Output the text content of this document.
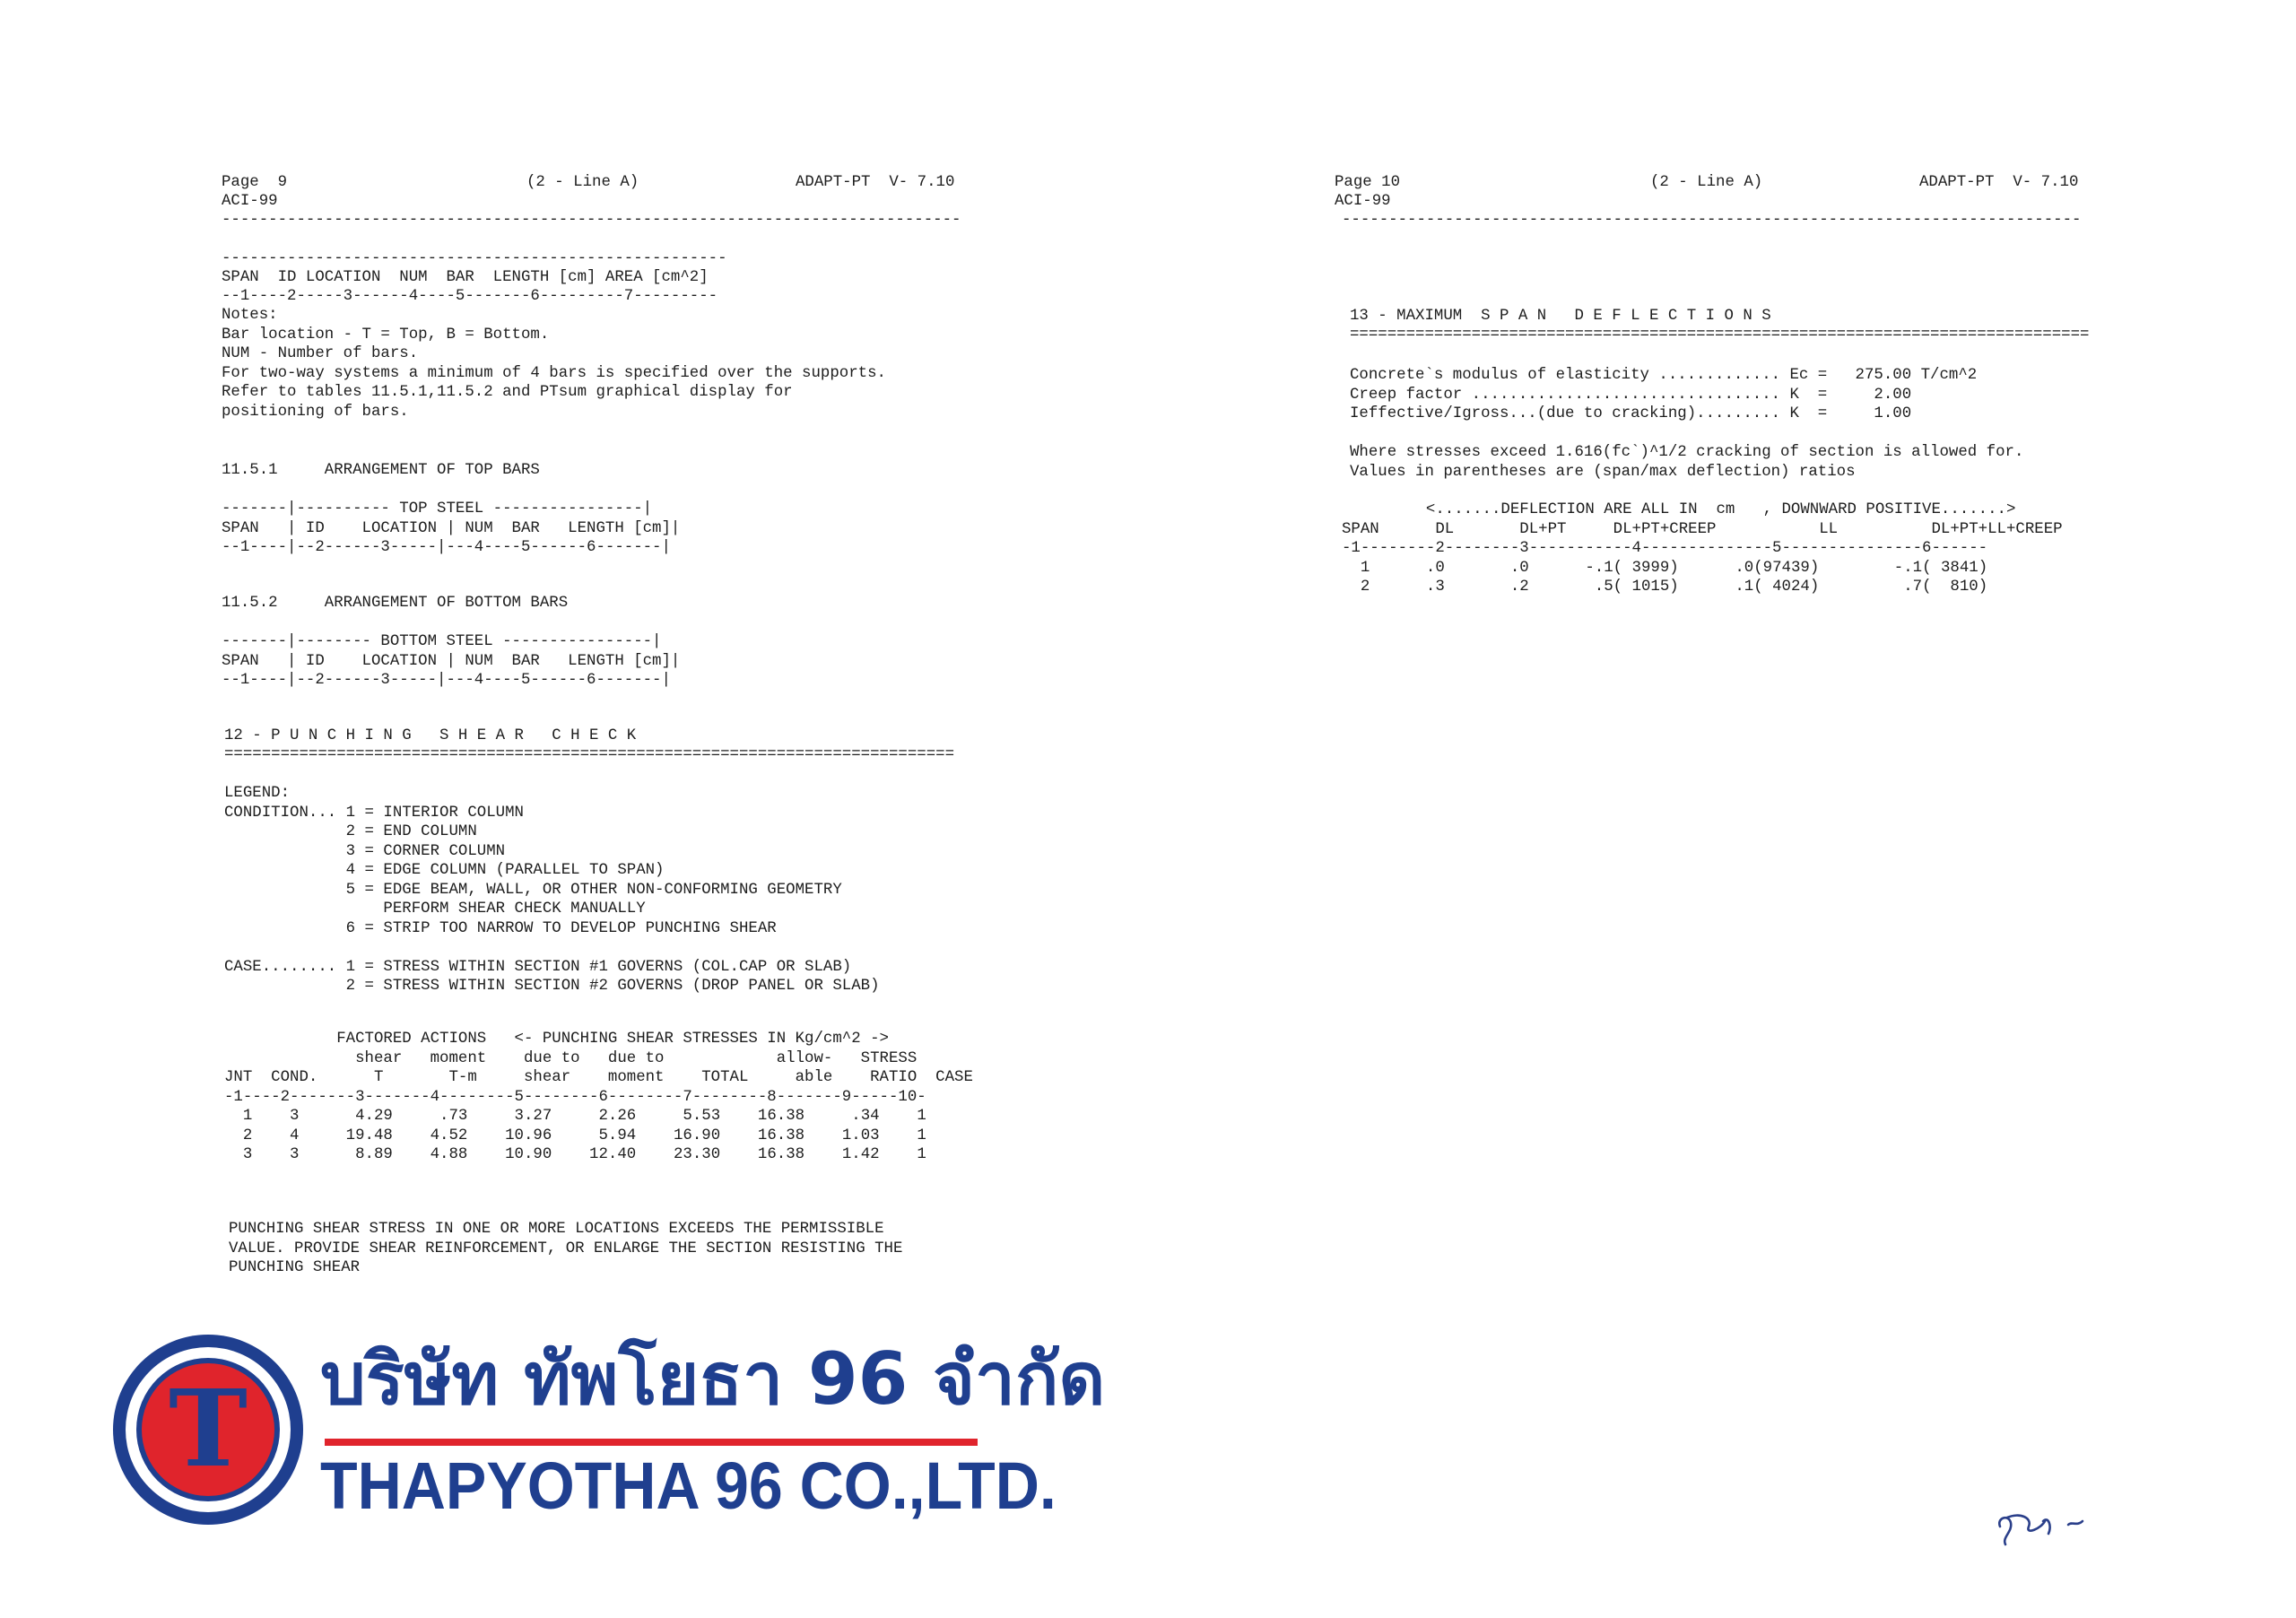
Page  9	(2 - Line A)	ADAPT-PT  V- 7.10
ACI-99
-------------------------------------------------------------------------------
------------------------------------------------------
SPAN  ID LOCATION  NUM  BAR  LENGTH [cm] AREA [cm^2]
--1----2-----3------4----5-------6---------7---------
Notes:
Bar location - T = Top, B = Bottom.
NUM - Number of bars.
For two-way systems a minimum of 4 bars is specified over the supports.
Refer to tables 11.5.1,11.5.2 and PTsum graphical display for
positioning of bars.
11.5.1     ARRANGEMENT OF TOP BARS
-------|---------- TOP STEEL ----------------|
SPAN   | ID    LOCATION | NUM  BAR   LENGTH [cm]|
--1----|--2------3-----|---4----5------6-------|
11.5.2     ARRANGEMENT OF BOTTOM BARS
-------|-------- BOTTOM STEEL ----------------|
SPAN   | ID    LOCATION | NUM  BAR   LENGTH [cm]|
--1----|--2------3-----|---4----5------6-------|
12 - P U N C H I N G   S H E A R   C H E C K
==============================================================================
LEGEND:
CONDITION... 1 = INTERIOR COLUMN
2 = END COLUMN
3 = CORNER COLUMN
4 = EDGE COLUMN (PARALLEL TO SPAN)
5 = EDGE BEAM, WALL, OR OTHER NON-CONFORMING GEOMETRY
PERFORM SHEAR CHECK MANUALLY
6 = STRIP TOO NARROW TO DEVELOP PUNCHING SHEAR
CASE........ 1 = STRESS WITHIN SECTION #1 GOVERNS (COL.CAP OR SLAB)
2 = STRESS WITHIN SECTION #2 GOVERNS (DROP PANEL OR SLAB)
FACTORED ACTIONS   <- PUNCHING SHEAR STRESSES IN Kg/cm^2 ->
shear   moment    due to   due to            allow-   STRESS
JNT  COND.      T       T-m     shear    moment    TOTAL     able    RATIO  CASE
-1----2-------3-------4--------5--------6--------7--------8-------9-----10-
1    3      4.29     .73     3.27     2.26     5.53    16.38     .34    1
2    4     19.48    4.52    10.96     5.94    16.90    16.38    1.03    1
3    3      8.89    4.88    10.90    12.40    23.30    16.38    1.42    1
PUNCHING SHEAR STRESS IN ONE OR MORE LOCATIONS EXCEEDS THE PERMISSIBLE
VALUE. PROVIDE SHEAR REINFORCEMENT, OR ENLARGE THE SECTION RESISTING THE
PUNCHING SHEAR
Page 10	(2 - Line A)	ADAPT-PT  V- 7.10
ACI-99
-------------------------------------------------------------------------------
13 - MAXIMUM  S P A N   D E F L E C T I O N S
===============================================================================
Concrete`s modulus of elasticity ............. Ec =   275.00 T/cm^2
Creep factor ................................. K  =     2.00
Ieffective/Igross...(due to cracking)......... K  =     1.00
Where stresses exceed 1.616(fc`)^1/2 cracking of section is allowed for.
Values in parentheses are (span/max deflection) ratios
<.......DEFLECTION ARE ALL IN  cm   , DOWNWARD POSITIVE.......>
SPAN      DL       DL+PT     DL+PT+CREEP           LL          DL+PT+LL+CREEP
-1--------2--------3-----------4--------------5---------------6------
1      .0       .0      -.1( 3999)      .0(97439)        -.1( 3841)
2      .3       .2       .5( 1015)      .1( 4024)         .7(  810)
T บริษัท ทัพโยธา 96 จำกัด
THAPYOTHA 96 CO.,LTD.
